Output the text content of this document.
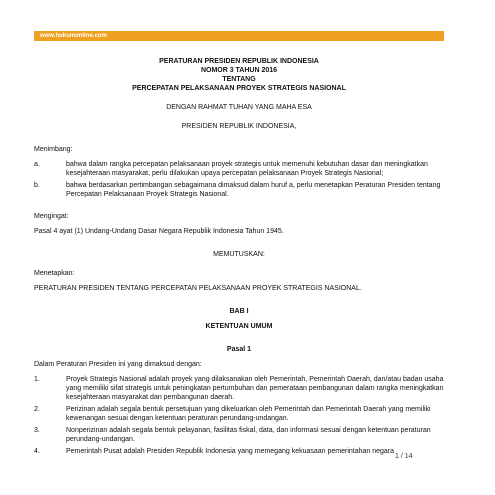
www.hukumonline.com

PERATURAN PRESIDEN REPUBLIK INDONESIA

NOMOR 3 TAHUN 2016

TENTANG

PERCEPATAN PELAKSANAAN PROYEK STRATEGIS NASIONAL

DENGAN RAHMAT TUHAN YANG MAHA ESA

PRESIDEN REPUBLIK INDONESIA,

Menimbang:

a.	bahwa dalam rangka percepatan pelaksanaan proyek strategis untuk memenuhi kebutuhan dasar dan meningkatkan kesejahteraan masyarakat, perlu dilakukan upaya percepatan pelaksanaan Proyek Strategis Nasional;
b.	bahwa berdasarkan pertimbangan sebagaimana dimaksud dalam huruf a, perlu menetapkan Peraturan Presiden tentang Percepatan Pelaksanaan Proyek Strategis Nasional.

Mengingat:

Pasal 4 ayat (1) Undang-Undang Dasar Negara Republik Indonesia Tahun 1945.

MEMUTUSKAN:

Menetapkan:

PERATURAN PRESIDEN TENTANG PERCEPATAN PELAKSANAAN PROYEK STRATEGIS NASIONAL.

BAB I

KETENTUAN UMUM

Pasal 1

Dalam Peraturan Presiden ini yang dimaksud dengan:

1.	Proyek Strategis Nasional adalah proyek yang dilaksanakan oleh Pemerintah, Pemerintah Daerah, dan/atau badan usaha yang memiliki sifat strategis untuk peningkatan pertumbuhan dan pemerataan pembangunan dalam rangka meningkatkan kesejahteraan masyarakat dan pembangunan daerah.
2.	Perizinan adalah segala bentuk persetujuan yang dikeluarkan oleh Pemerintah dan Pemerintah Daerah yang memiliki kewenangan sesuai dengan ketentuan peraturan perundang-undangan.
3.	Nonperizinan adalah segala bentuk pelayanan, fasilitas fiskal, data, dan informasi sesuai dengan ketentuan peraturan perundang-undangan.
4.	Pemerintah Pusat adalah Presiden Republik Indonesia yang memegang kekuasaan pemerintahan negara
1 / 14
